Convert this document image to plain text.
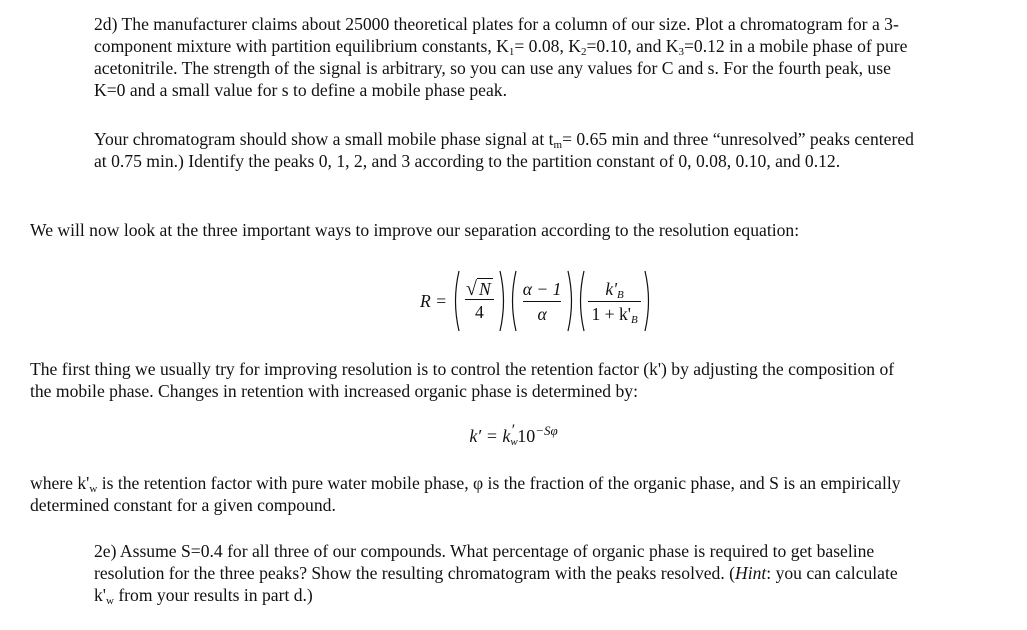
2d) The manufacturer claims about 25000 theoretical plates for a column of our size. Plot a chromatogram for a 3-
component mixture with partition equilibrium constants, $K_1= 0.08$, $K_2=0.10$, and $K_3=0.12$ in a mobile phase of pure
acetonitrile. The strength of the signal is arbitrary, so you can use any values for C and s. For the fourth peak, use
K=0 and a small value for s to define a mobile phase peak.
Your chromatogram should show a small mobile phase signal at $t_m= 0.65$ min and three “unresolved” peaks centered
at 0.75 min.) Identify the peaks 0, 1, 2, and 3 according to the partition constant of 0, 0.08, 0.10, and 0.12.
We will now look at the three important ways to improve our separation according to the resolution equation:
$R = \frac{√ N}{4} \frac{\alpha - 1}{\alpha} \frac{k'_B}{1 + k'_B}$
The first thing we usually try for improving resolution is to control the retention factor (k') by adjusting the composition of
the mobile phase. Changes in retention with increased organic phase is determined by:
$k' = k_w'$ $10^{-S\varphi}$
where $k'_w$ is the retention factor with pure water mobile phase, φ is the fraction of the organic phase, and S is an empirically
determined constant for a given compound.
2e) Assume S=0.4 for all three of our compounds. What percentage of organic phase is required to get baseline
resolution for the three peaks? Show the resulting chromatogram with the peaks resolved. (Hint: you can calculate
$k'_w$ from your results in part d.)
